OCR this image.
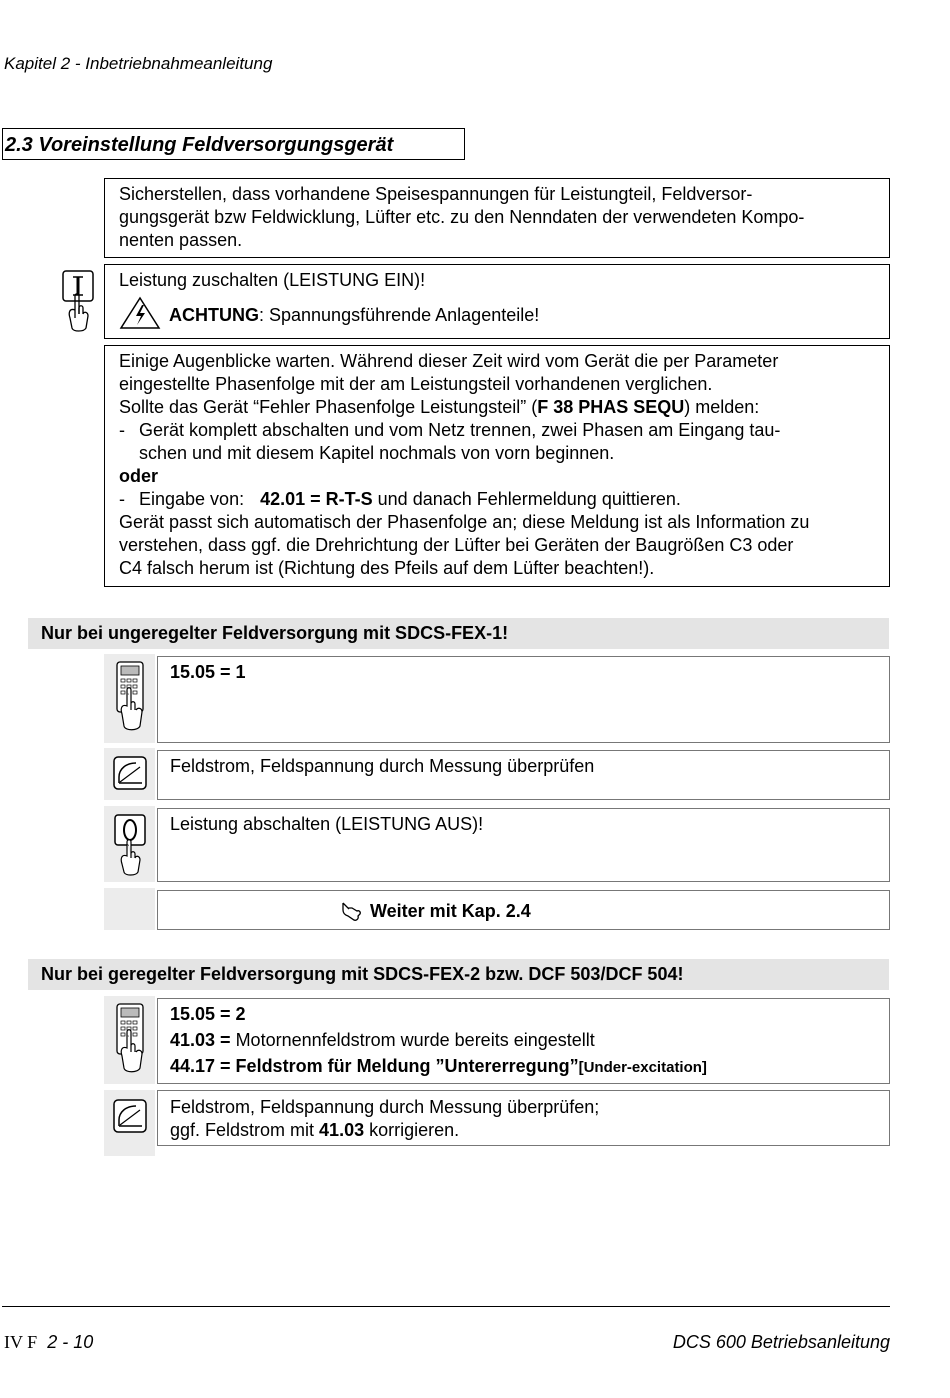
Kapitel 2 - Inbetriebnahmeanleitung
2.3 Voreinstellung Feldversorgungsgerät

Sicherstellen, dass vorhandene Speisespannungen für Leistungteil, Feldversor-

gungsgerät bzw Feldwicklung, Lüfter etc. zu den Nenndaten der verwendeten Kompo-

nenten passen.

Leistung zuschalten (LEISTUNG EIN)!

ACHTUNG: Spannungsführende Anlagenteile!

Einige Augenblicke warten. Während dieser Zeit wird vom Gerät die per Parameter

eingestellte Phasenfolge mit der am Leistungsteil vorhandenen verglichen.

Sollte das Gerät “Fehler Phasenfolge Leistungsteil” (F 38 PHAS SEQU) melden:

- Gerät komplett abschalten und vom Netz trennen, zwei Phasen am Eingang tau-

schen und mit diesem Kapitel nochmals von vorn beginnen.

oder

- Eingabe von: 42.01 = R-T-S und danach Fehlermeldung quittieren.

Gerät passt sich automatisch der Phasenfolge an; diese Meldung ist als Information zu

verstehen, dass ggf. die Drehrichtung der Lüfter bei Geräten der Baugrößen C3 oder

C4 falsch herum ist (Richtung des Pfeils auf dem Lüfter beachten!).

Nur bei ungeregelter Feldversorgung mit SDCS-FEX-1!
15.05 = 1
Feldstrom, Feldspannung durch Messung überprüfen
Leistung abschalten (LEISTUNG AUS)!
Weiter mit Kap. 2.4
Nur bei geregelter Feldversorgung mit SDCS-FEX-2 bzw. DCF 503/DCF 504!
15.05 = 2
41.03 = Motornennfeldstrom wurde bereits eingestellt
44.17 = Feldstrom für Meldung ”Untererregung”[Under-excitation]
Feldstrom, Feldspannung durch Messung überprüfen;
ggf. Feldstrom mit 41.03 korrigieren.
IV F 2 - 10	DCS 600 Betriebsanleitung
